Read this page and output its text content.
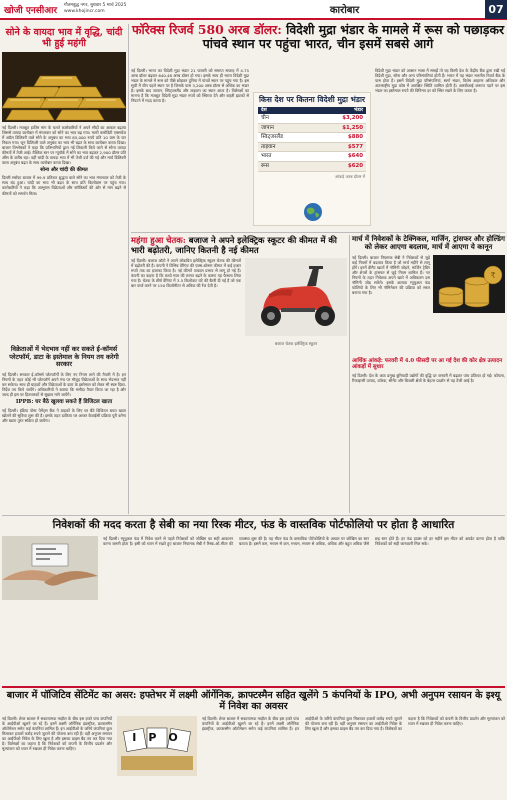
खोजी एनसीआर	गौतमबुद्ध नगर, बुधवार 5 मार्च 2025
www.khojincr.com	कारोबार	07
सोने के वायदा भाव में वृद्धि, चांदी भी हुई महंगी
नई दिल्ली। मजबूत हाजिर मांग के चलते कारोबारियों ने अपने सौदों का आकार बढ़ाया जिससे वायदा कारोबार में मंगलवार को सोने का भाव बढ़ गया। मल्टी कमोडिटी एक्सचेंज में अप्रैल डिलिवरी वाले सोने के अनुबंध का भाव 85,000 रुपये प्रति 10 ग्राम के पार निकल गया। जून डिलिवरी वाले अनुबंध का भाव भी बढ़त के साथ कारोबार करता दिखा। बाजार विश्लेषकों ने कहा कि प्रतिभागियों द्वारा नई लिवाली किये जाने से सोना वायदा कीमतों में तेजी आई। वैश्विक स्तर पर न्यूयॉर्क में सोने का भाव बढ़कर 2,900 डॉलर प्रति औंस के करीब रहा। वहीं चांदी के वायदा भाव में भी तेजी दर्ज की गई और मार्च डिलिवरी वाला अनुबंध बढ़त के साथ कारोबार करता दिखा।
सोना और चांदी की कीमत
दिल्ली सर्राफा बाजार में 99.9 प्रतिशत शुद्धता वाले सोने का भाव मंगलवार को तेजी के साथ बंद हुआ। चांदी का भाव भी बढ़त के साथ प्रति किलोग्राम पर पहुंच गया। कारोबारियों ने कहा कि आभूषण विक्रेताओं और स्टॉकिस्टों की ओर से मांग बढ़ने से कीमतों को समर्थन मिला।
विक्रेताओं में भेदभाव नहीं कर सकते ई-कॉमर्स प्लेटफॉर्म, डाटा के इस्तेमाल के नियम तय करेगी सरकार
नई दिल्ली। सरकार ई-कॉमर्स प्लेटफॉर्मों के लिए नए नियम लाने की तैयारी में है। इन नियमों के तहत कोई भी प्लेटफॉर्म अपने मंच पर मौजूद विक्रेताओं के साथ भेदभाव नहीं कर सकेगा। साथ ही ग्राहकों और विक्रेताओं के डाटा के इस्तेमाल को लेकर भी स्पष्ट दिशा-निर्देश तय किये जायेंगे। अधिकारियों ने बताया कि मसौदा तैयार किया जा रहा है और जल्द ही इस पर हितधारकों से सुझाव मांगे जायेंगे।
IPPB: घर बैठे खुलवा सकते हैं डिजिटल खाता
नई दिल्ली। इंडिया पोस्ट पेमेंट्स बैंक ने ग्राहकों के लिए घर बैठे डिजिटल बचत खाता खोलने की सुविधा शुरू की है। इसके तहत डाकिया घर आकर केवाईसी प्रक्रिया पूरी करेगा और खाता तुरंत सक्रिय हो जायेगा।
फॉरेक्स रिजर्व 580 अरब डॉलर: विदेशी मुद्रा भंडार के मामले में रूस को पछाड़कर पांचवे स्थान पर पहुंचा भारत, चीन इसमें सबसे आगे
नई दिल्ली। भारत का विदेशी मुद्रा भंडार 21 फरवरी को समाप्त सप्ताह में 4.75 अरब डॉलर बढ़कर 640.48 अरब डॉलर हो गया। इसके साथ ही भारत विदेशी मुद्रा भंडार के मामले में रूस को पीछे छोड़कर दुनिया में पांचवें स्थान पर पहुंच गया है। इस सूची में चीन पहले स्थान पर है जिसके पास 3,200 अरब डॉलर से अधिक का भंडार है। इसके बाद जापान, स्विट्जरलैंड और ताइवान का स्थान आता है। विशेषज्ञों का मानना है कि मजबूत विदेशी मुद्रा भंडार रुपये को स्थिरता देने और बाहरी झटकों से निपटने में मदद करता है।	किस देश पर कितना विदेशी मुद्रा भंडार
देश	भंडार
चीन	$3,200
जापान	$1,250
स्विट्जरलैंड	$880
ताइवान	$577
भारत	$640
रूस	$620
आंकड़े अरब डॉलर में
विदेशी मुद्रा भंडार को आसान भाषा में समझें तो यह किसी देश के केंद्रीय बैंक द्वारा रखी गई विदेशी मुद्रा, सोना और अन्य परिसंपत्तियां होती हैं। भारत में यह भंडार भारतीय रिजर्व बैंक के पास होता है। इसमें विदेशी मुद्रा परिसंपत्तियां, स्वर्ण भंडार, विशेष आहरण अधिकार और अंतरराष्ट्रीय मुद्रा कोष में आरक्षित स्थिति शामिल होती है। आरबीआई जरूरत पड़ने पर इस भंडार का इस्तेमाल रुपये की विनिमय दर को स्थिर रखने के लिए करता है।
महंगा हुआ चेतक: बजाज ने अपने इलेक्ट्रिक स्कूटर की कीमत में की भारी बढ़ोतरी, जानिए कितनी है नई कीमत
नई दिल्ली। बजाज ऑटो ने अपने लोकप्रिय इलेक्ट्रिक स्कूटर चेतक की कीमतों में बढ़ोतरी की है। कंपनी ने विभिन्न वेरिएंट की एक्स-शोरूम कीमत में कई हजार रुपये तक का इजाफा किया है। नई कीमतें तत्काल प्रभाव से लागू हो गई हैं। कंपनी का कहना है कि कच्चे माल की लागत बढ़ने के कारण यह फैसला लिया गया है। चेतक के शीर्ष वेरिएंट में 3.5 किलोवाट घंटे की बैटरी दी गई है जो एक बार चार्ज करने पर 150 किलोमीटर से अधिक की रेंज देती है।
बजाज चेतक इलेक्ट्रिक स्कूटर
मार्च में निवेशकों के टेक्निकल, मार्जिन, ट्रांसफर और होल्डिंग को लेकर आएगा बदलाव, मार्च में आएगा ये कानून
नई दिल्ली। बाजार नियामक सेबी ने निवेशकों से जुड़े कई नियमों में बदलाव किया है जो मार्च महीने से लागू होंगे। इनमें डीमैट खातों में नॉमिनी जोड़ने, मार्जिन ट्रेडिंग और शेयरों के ट्रांसफर से जुड़े नियम शामिल हैं। नए नियमों के तहत निवेशक अपने खाते में अधिकतम दस नॉमिनी जोड़ सकेंगे। इसके अलावा म्यूचुअल फंड फोलियो के लिए भी नॉमिनेशन की प्रक्रिया को सरल बनाया गया है।
₹
आर्थिक आंकड़े: फरवरी में 4.0 फीसदी पर आ गई देश की कोर क्षेत्र उत्पादन आंकड़ों में सुधार
नई दिल्ली। देश के आठ प्रमुख बुनियादी उद्योगों की वृद्धि दर जनवरी में बढ़कर पांच प्रतिशत हो गई। कोयला, रिफाइनरी उत्पाद, उर्वरक, सीमेंट और बिजली क्षेत्रों के बेहतर प्रदर्शन से यह तेजी आई है।
निवेशकों की मदद करता है सेबी का नया रिस्क मीटर, फंड के वास्तविक पोर्टफोलियो पर होता है आधारित
नई दिल्ली। म्यूचुअल फंड में निवेश करने से पहले निवेशकों को जोखिम का सही आकलन करना जरूरी होता है। इसी को ध्यान में रखते हुए बाजार नियामक सेबी ने रिस्क-ओ-मीटर की व्यवस्था शुरू की है। यह मीटर फंड के वास्तविक पोर्टफोलियो के आधार पर जोखिम का स्तर बताता है। इसमें कम, मध्यम से कम, मध्यम, मध्यम से अधिक, अधिक और बहुत अधिक जैसे छह स्तर होते हैं। हर फंड हाउस को हर महीने इस मीटर को अपडेट करना होता है ताकि निवेशकों को सही जानकारी मिल सके।
बाजार में पॉजिटिव सेंटिमेंट का असर: हफ्तेभर में लक्ष्मी ऑर्गेनिक, क्राफ्टस्मैन सहित खुलेंगे 5 कंपनियों के IPO, अभी अनुपम रसायन के इश्यू में निवेश का अवसर
नई दिल्ली। शेयर बाजार में सकारात्मक माहौल के बीच इस हफ्ते पांच कंपनियों के आईपीओ खुलने जा रहे हैं। इनमें लक्ष्मी ऑर्गेनिक इंडस्ट्रीज, क्राफ्टस्मैन ऑटोमेशन समेत कई कंपनियां शामिल हैं। इन आईपीओ के जरिये कंपनियां कुल मिलाकर हजारों करोड़ रुपये जुटाने की योजना बना रही हैं। वहीं अनुपम रसायन का आईपीओ निवेश के लिए खुला है और इसका प्राइस बैंड तय कर दिया गया है। विशेषज्ञों का कहना है कि निवेशकों को कंपनी के वित्तीय प्रदर्शन और मूल्यांकन को ध्यान में रखकर ही निवेश करना चाहिए।
IPO
नई दिल्ली। शेयर बाजार में सकारात्मक माहौल के बीच इस हफ्ते पांच कंपनियों के आईपीओ खुलने जा रहे हैं। इनमें लक्ष्मी ऑर्गेनिक इंडस्ट्रीज, क्राफ्टस्मैन ऑटोमेशन समेत कई कंपनियां शामिल हैं। इन आईपीओ के जरिये कंपनियां कुल मिलाकर हजारों करोड़ रुपये जुटाने की योजना बना रही हैं। वहीं अनुपम रसायन का आईपीओ निवेश के लिए खुला है और इसका प्राइस बैंड तय कर दिया गया है। विशेषज्ञों का कहना है कि निवेशकों को कंपनी के वित्तीय प्रदर्शन और मूल्यांकन को ध्यान में रखकर ही निवेश करना चाहिए।
